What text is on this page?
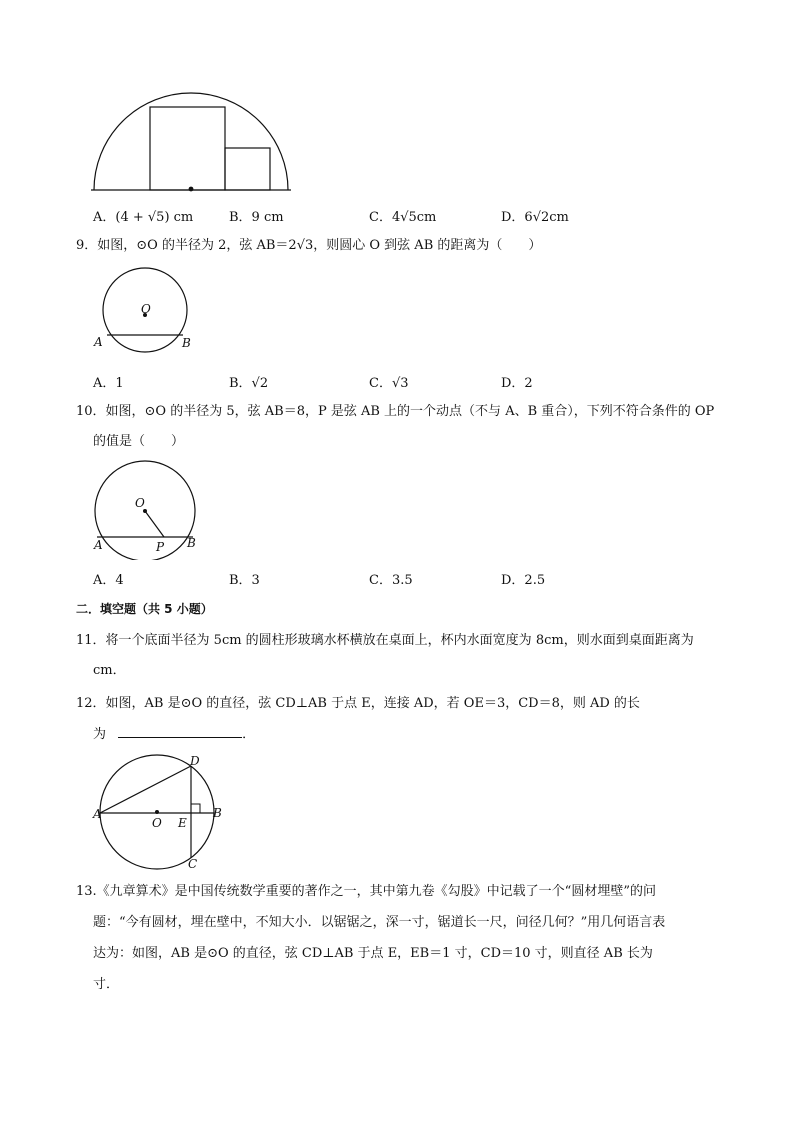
A．(4 + √5) cm	B．9 cm	C．4√5cm	D．6√2cm
9．如图，⊙O 的半径为 2，弦 AB＝2√3，则圆心 O 到弦 AB 的距离为（　　）
O
A	B
A．1	B．√2	C．√3	D．2
10．如图，⊙O 的半径为 5，弦 AB＝8，P 是弦 AB 上的一个动点（不与 A、B 重合），下列不符合条件的 OP
的值是（　　）
O
A	B
P
A．4	B．3	C．3.5	D．2.5
二．填空题（共 5 小题）
11．将一个底面半径为 5cm 的圆柱形玻璃水杯横放在桌面上，杯内水面宽度为 8cm，则水面到桌面距离为
cm．
12．如图，AB 是⊙O 的直径，弦 CD⊥AB 于点 E，连接 AD，若 OE＝3，CD＝8，则 AD 的长
为	．
A	B
C
D
O E
13.《九章算术》是中国传统数学重要的著作之一，其中第九卷《勾股》中记载了一个“圆材埋壁”的问
题：“今有圆材，埋在壁中，不知大小．以锯锯之，深一寸，锯道长一尺，问径几何？”用几何语言表
达为：如图，AB 是⊙O 的直径，弦 CD⊥AB 于点 E，EB＝1 寸，CD＝10 寸，则直径 AB 长为
寸．
